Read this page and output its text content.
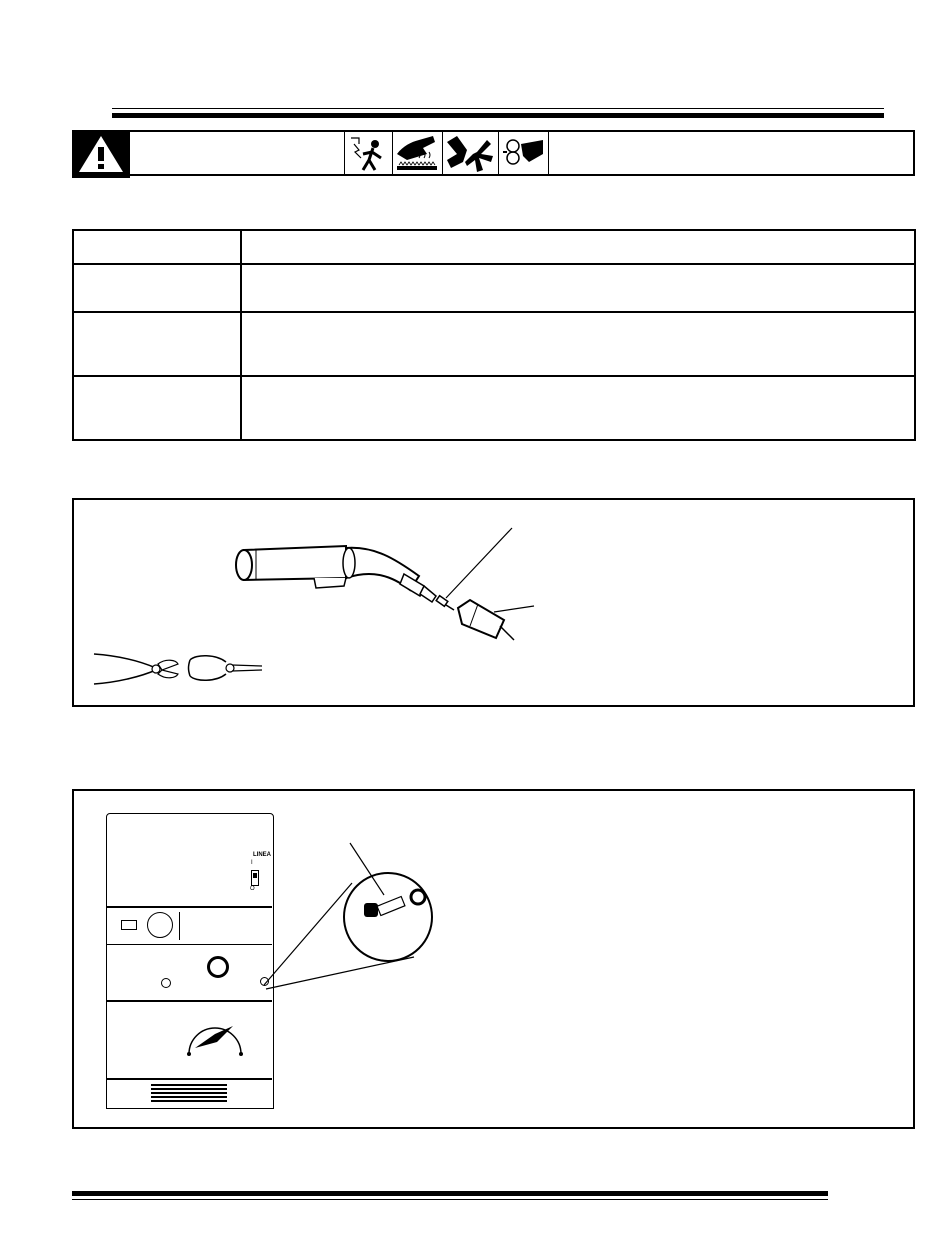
LINEA
I
O
